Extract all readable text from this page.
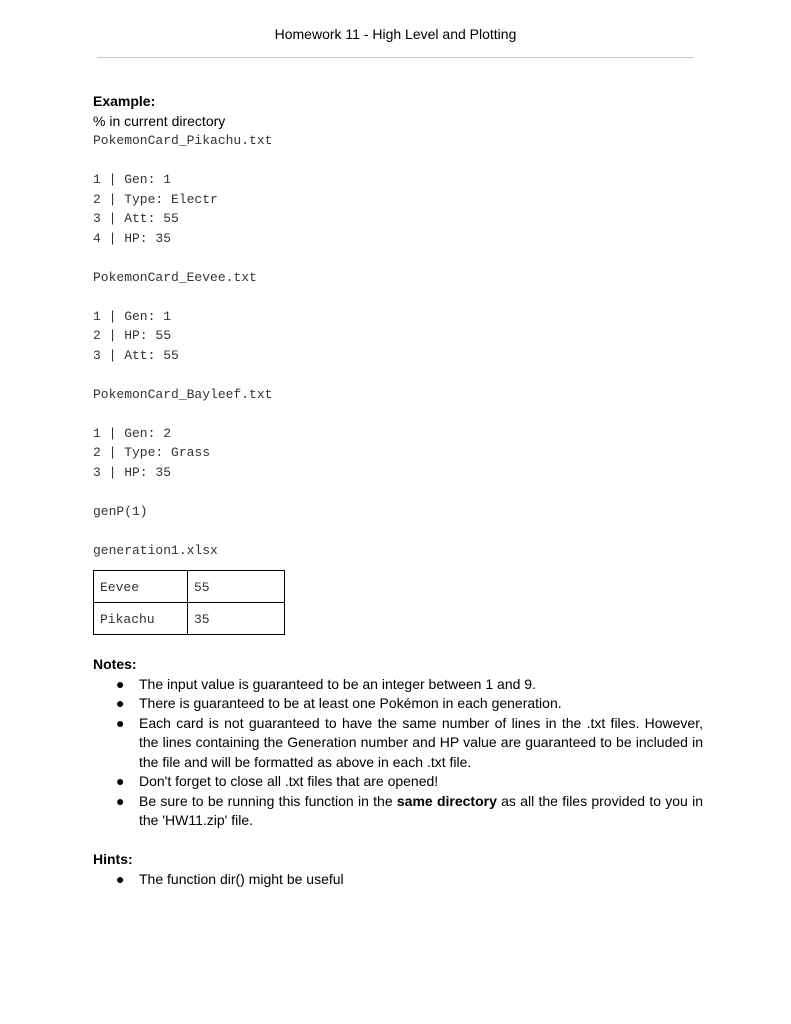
Homework 11 - High Level and Plotting
Example:
% in current directory
PokemonCard_Pikachu.txt
1 | Gen: 1
2 | Type: Electr
3 | Att: 55
4 | HP: 35
PokemonCard_Eevee.txt
1 | Gen: 1
2 | HP: 55
3 | Att: 55
PokemonCard_Bayleef.txt
1 | Gen: 2
2 | Type: Grass
3 | HP: 35
genP(1)
generation1.xlsx
Eevee	55
Pikachu	35
Notes:
● The input value is guaranteed to be an integer between 1 and 9.
● There is guaranteed to be at least one Pokémon in each generation.
● Each card is not guaranteed to have the same number of lines in the .txt files. However, the lines containing the Generation number and HP value are guaranteed to be included in the file and will be formatted as above in each .txt file.
● Don't forget to close all .txt files that are opened!
● Be sure to be running this function in the same directory as all the files provided to you in the 'HW11.zip' file.
Hints:
● The function dir() might be useful
